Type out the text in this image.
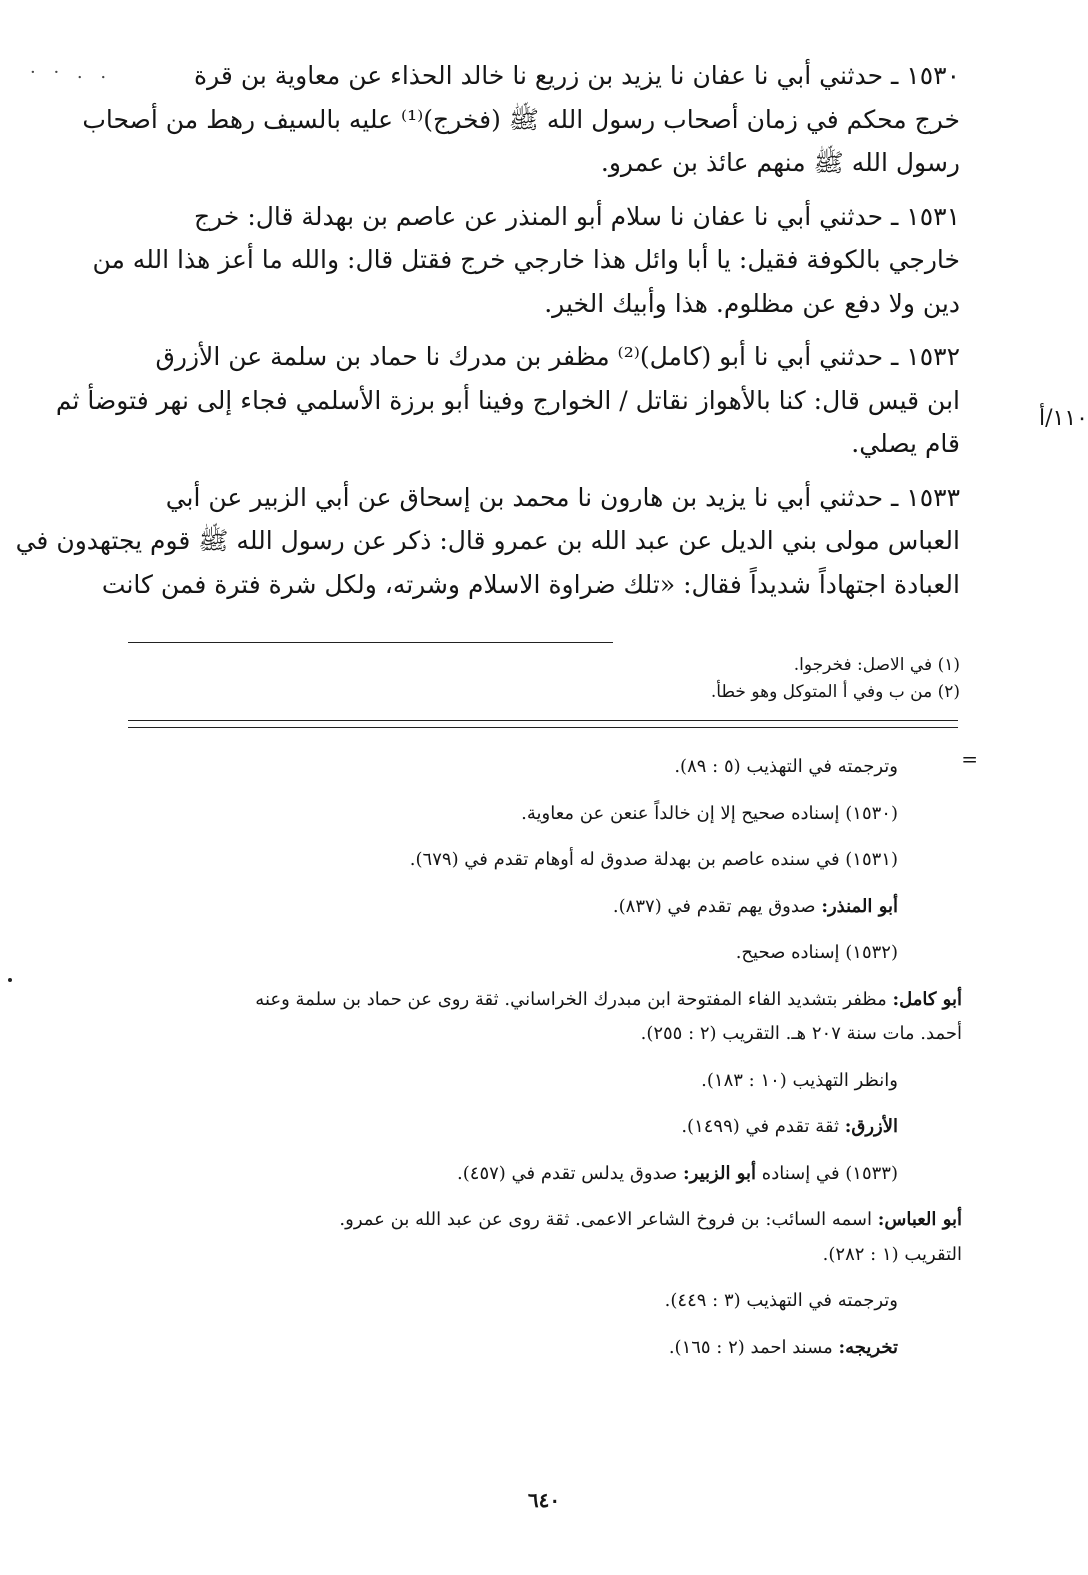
. . · ·
١١٠/أ
١٥٣٠ ـ حدثني أبي نا عفان نا يزيد بن زريع نا خالد الحذاء عن معاوية بن قرة
خرج محكم في زمان أصحاب رسول الله ﷺ (فخرج)⁽¹⁾ عليه بالسيف رهط من أصحاب
رسول الله ﷺ منهم عائذ بن عمرو.
١٥٣١ ـ حدثني أبي نا عفان نا سلام أبو المنذر عن عاصم بن بهدلة قال: خرج
خارجي بالكوفة فقيل: يا أبا وائل هذا خارجي خرج فقتل قال: والله ما أعز هذا الله من
دين ولا دفع عن مظلوم. هذا وأبيك الخير.
١٥٣٢ ـ حدثني أبي نا أبو (كامل)⁽²⁾ مظفر بن مدرك نا حماد بن سلمة عن الأزرق
ابن قيس قال: كنا بالأهواز نقاتل / الخوارج وفينا أبو برزة الأسلمي فجاء إلى نهر فتوضأ ثم
قام يصلي.
١٥٣٣ ـ حدثني أبي نا يزيد بن هارون نا محمد بن إسحاق عن أبي الزبير عن أبي
العباس مولى بني الديل عن عبد الله بن عمرو قال: ذكر عن رسول الله ﷺ قوم يجتهدون في
العبادة اجتهاداً شديداً فقال: «تلك ضراوة الاسلام وشرته، ولكل شرة فترة فمن كانت
(١) في الاصل: فخرجوا.
(٢) من ب وفي أ المتوكل وهو خطأ.
=
وترجمته في التهذيب (٥ : ٨٩).
(١٥٣٠) إسناده صحيح إلا إن خالداً عنعن عن معاوية.
(١٥٣١) في سنده عاصم بن بهدلة صدوق له أوهام تقدم في (٦٧٩).
أبو المنذر: صدوق يهم تقدم في (٨٣٧).
(١٥٣٢) إسناده صحيح.
أبو كامل: مظفر بتشديد الفاء المفتوحة ابن مبدرك الخراساني. ثقة روى عن حماد بن سلمة وعنه
أحمد. مات سنة ٢٠٧ هـ. التقريب (٢ : ٢٥٥).
وانظر التهذيب (١٠ : ١٨٣).
الأزرق: ثقة تقدم في (١٤٩٩).
(١٥٣٣) في إسناده أبو الزبير: صدوق يدلس تقدم في (٤٥٧).
أبو العباس: اسمه السائب: بن فروخ الشاعر الاعمى. ثقة روى عن عبد الله بن عمرو.
التقريب (١ : ٢٨٢).
وترجمته في التهذيب (٣ : ٤٤٩).
تخريجه: مسند احمد (٢ : ١٦٥).
٦٤٠
